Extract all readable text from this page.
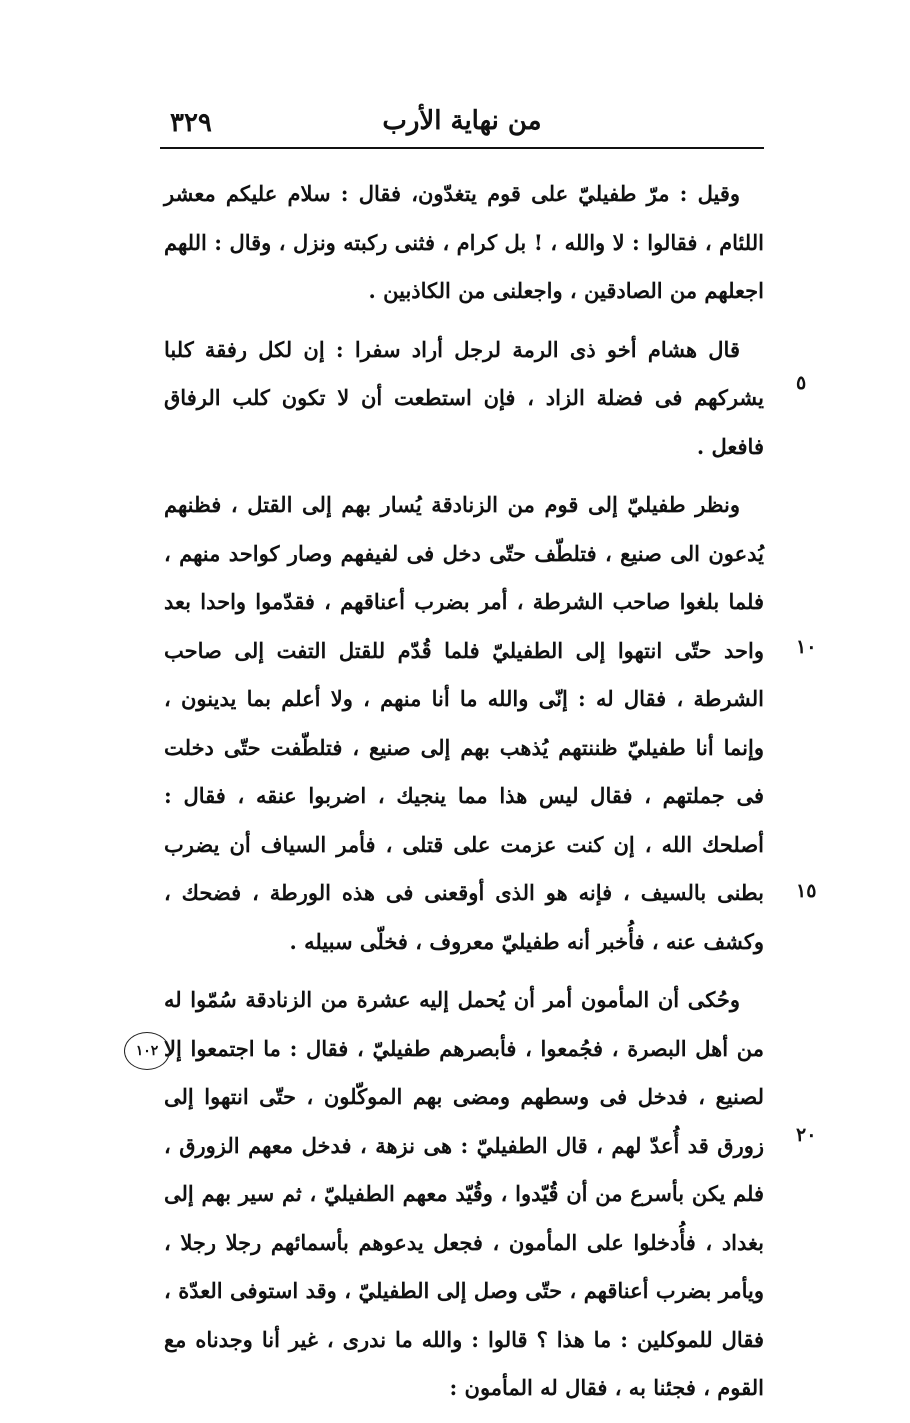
من نهاية الأرب
٣٢٩

وقيل : مرّ طفيليّ على قوم يتغدّون، فقال : سلام عليكم معشر اللئام ، فقالوا : لا والله ، ! بل كرام ، فثنى ركبته ونزل ، وقال : اللهم اجعلهم من الصادقين ، واجعلنى من الكاذبين .

قال هشام أخو ذى الرمة لرجل أراد سفرا : إن لكل رفقة كلبا يشركهم فى فضلة الزاد ، فإن استطعت أن لا تكون كلب الرفاق فافعل .

ونظر طفيليّ إلى قوم من الزنادقة يُسار بهم إلى القتل ، فظنهم يُدعون الى صنيع ، فتلطّف حتّى دخل فى لفيفهم وصار كواحد منهم ، فلما بلغوا صاحب الشرطة ، أمر بضرب أعناقهم ، فقدّموا واحدا بعد واحد حتّى انتهوا إلى الطفيليّ فلما قُدّم للقتل التفت إلى صاحب الشرطة ، فقال له : إنّى والله ما أنا منهم ، ولا أعلم بما يدينون ، وإنما أنا طفيليّ ظننتهم يُذهب بهم إلى صنيع ، فتلطّفت حتّى دخلت فى جملتهم ، فقال ليس هذا مما ينجيك ، اضربوا عنقه ، فقال : أصلحك الله ، إن كنت عزمت على قتلى ، فأمر السياف أن يضرب بطنى بالسيف ، فإنه هو الذى أوقعنى فى هذه الورطة ، فضحك ، وكشف عنه ، فأُخبر أنه طفيليّ معروف ، فخلّى سبيله .

وحُكى أن المأمون أمر أن يُحمل إليه عشرة من الزنادقة سُمّوا له من أهل البصرة ، فجُمعوا ، فأبصرهم طفيليّ ، فقال : ما اجتمعوا إلا لصنيع ، فدخل فى وسطهم ومضى بهم الموكّلون ، حتّى انتهوا إلى زورق قد أُعدّ لهم ، قال الطفيليّ : هى نزهة ، فدخل معهم الزورق ، فلم يكن بأسرع من أن قُيّدوا ، وقُيّد معهم الطفيليّ ، ثم سير بهم إلى بغداد ، فأُدخلوا على المأمون ، فجعل يدعوهم بأسمائهم رجلا رجلا ، ويأمر بضرب أعناقهم ، حتّى وصل إلى الطفيليّ ، وقد استوفى العدّة ، فقال للموكلين : ما هذا ؟ قالوا : والله ما ندرى ، غير أنا وجدناه مع القوم ، فجئنا به ، فقال له المأمون :

٥
١٠
١٥
٢٠
١٠٢
